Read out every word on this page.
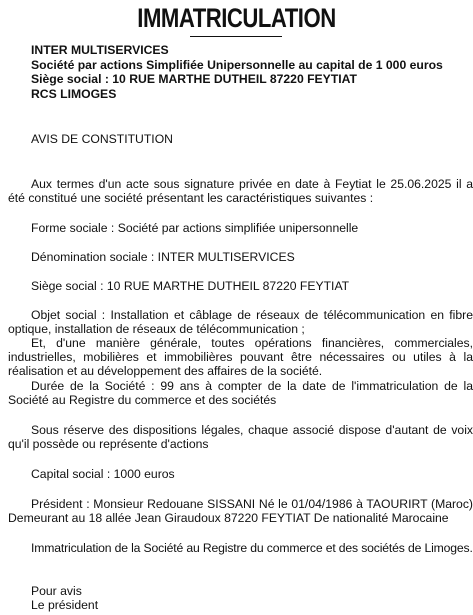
IMMATRICULATION
INTER MULTISERVICES
Société par actions Simplifiée Unipersonnelle au capital de 1 000 euros
Siège social : 10 RUE MARTHE DUTHEIL 87220 FEYTIAT
RCS LIMOGES
AVIS DE CONSTITUTION
Aux termes d'un acte sous signature privée en date à Feytiat le 25.06.2025 il a été constitué une société présentant les caractéristiques suivantes :
Forme sociale : Société par actions simplifiée unipersonnelle
Dénomination sociale : INTER MULTISERVICES
Siège social : 10 RUE MARTHE DUTHEIL 87220 FEYTIAT
Objet social : Installation et câblage de réseaux de télécommunication en fibre optique, installation de réseaux de télécommunication ;
Et, d'une manière générale, toutes opérations financières, commerciales, industrielles, mobilières et immobilières pouvant être nécessaires ou utiles à la réalisation et au développement des affaires de la société.
Durée de la Société : 99 ans à compter de la date de l'immatriculation de la Société au Registre du commerce et des sociétés
Sous réserve des dispositions légales, chaque associé dispose d'autant de voix qu'il possède ou représente d'actions
Capital social : 1000 euros
Président : Monsieur Redouane SISSANI Né le 01/04/1986 à TAOURIRT (Maroc) Demeurant au 18 allée Jean Giraudoux 87220 FEYTIAT De nationalité Marocaine
Immatriculation de la Société au Registre du commerce et des sociétés de Limoges.
Pour avis
Le président
